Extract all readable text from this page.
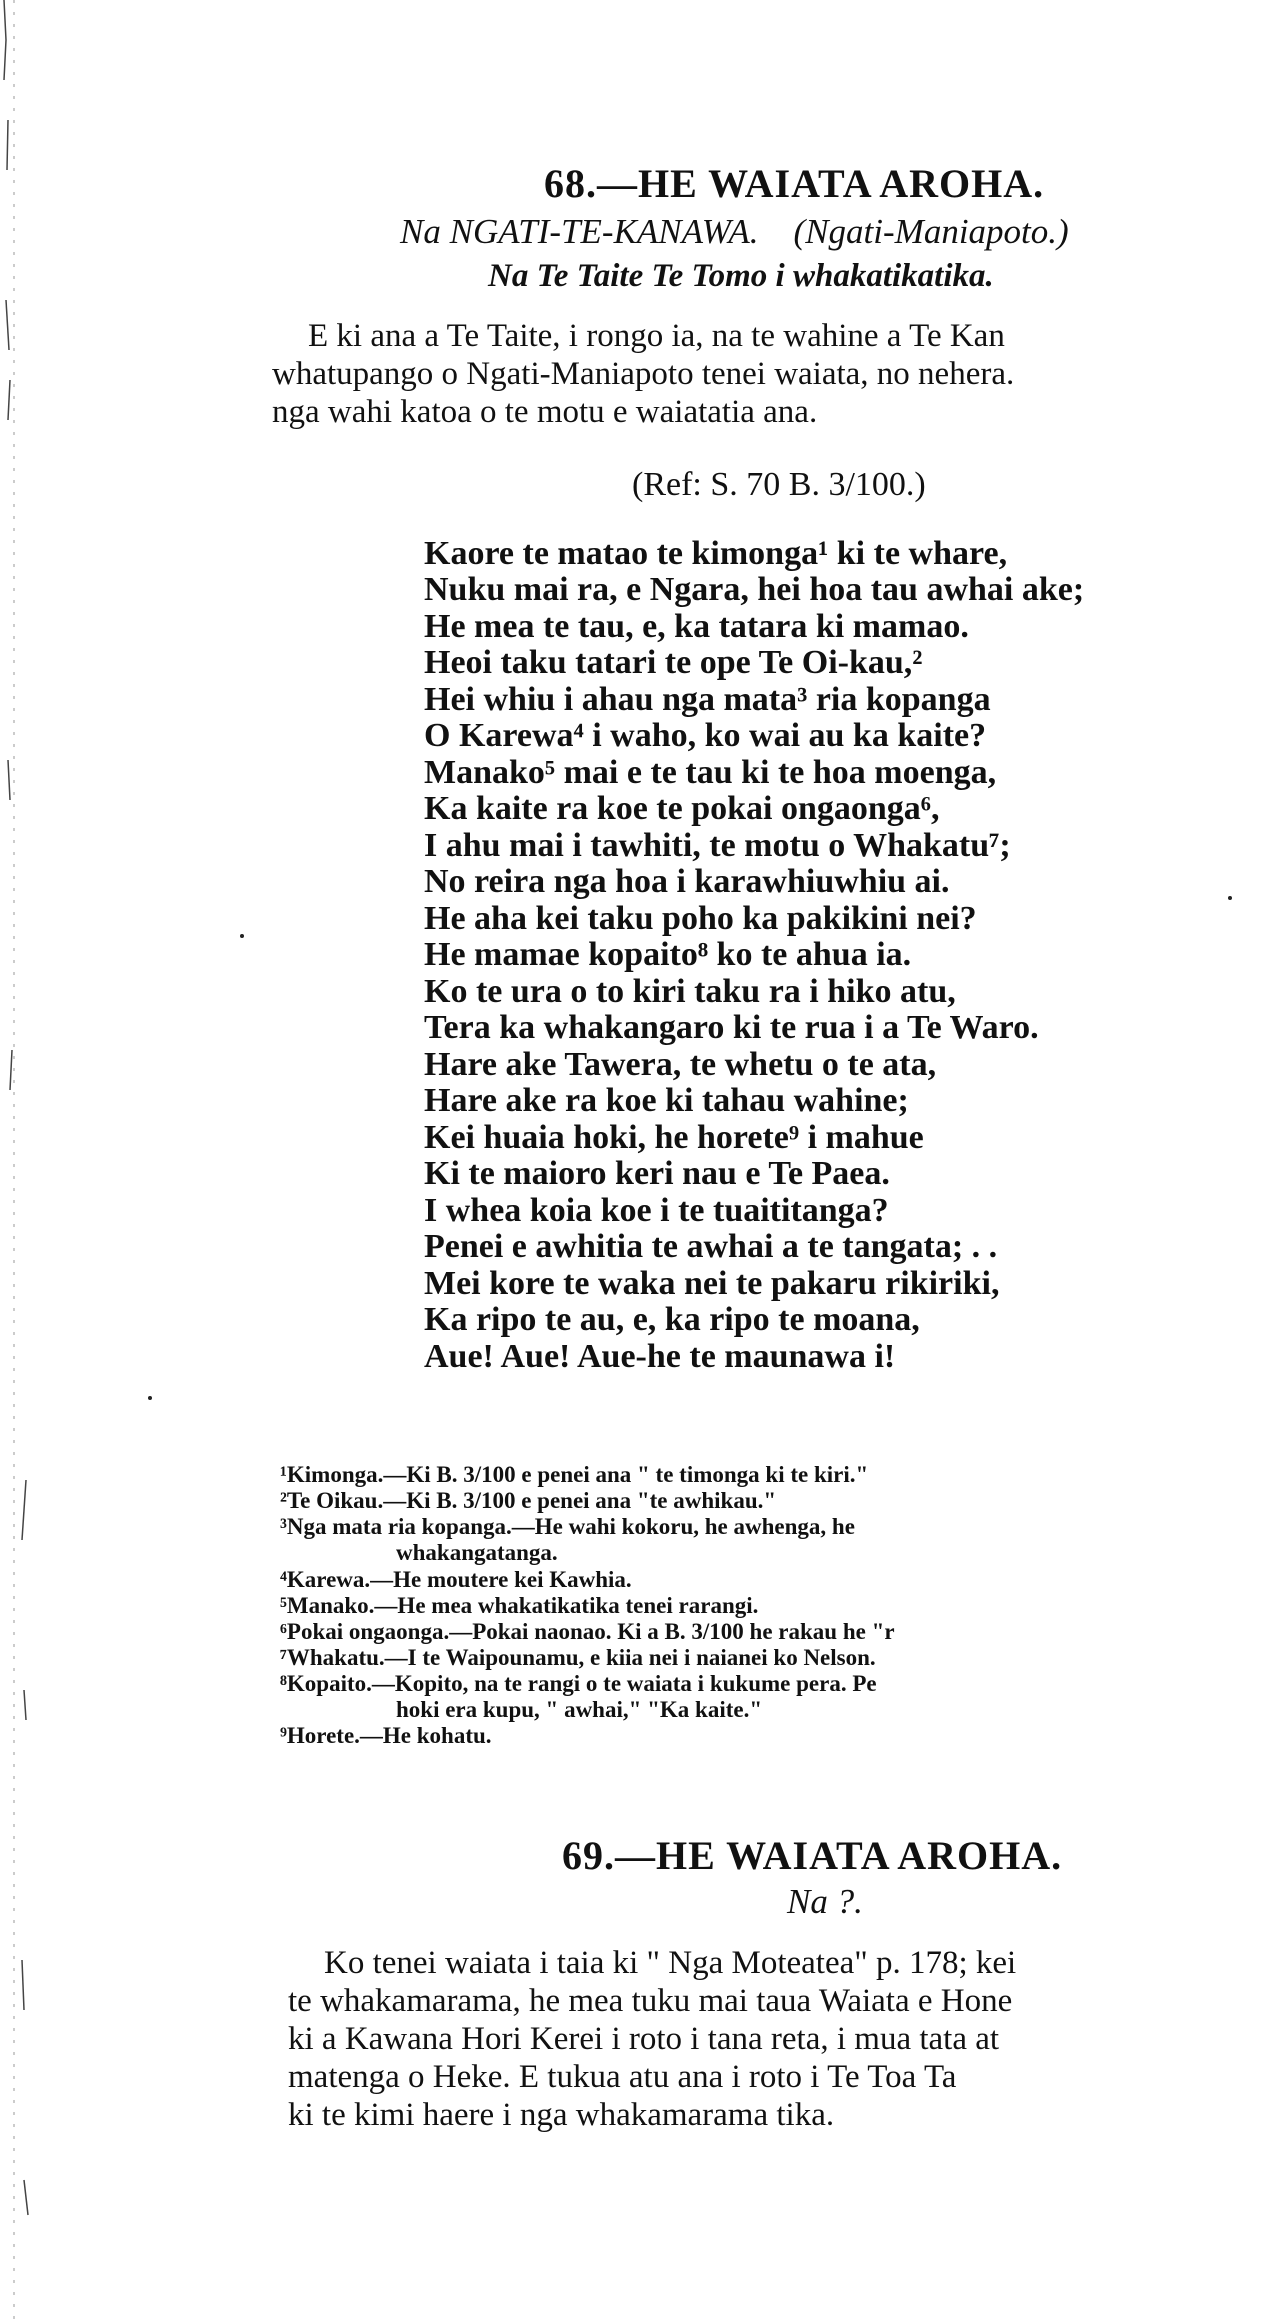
68.—HE WAIATA AROHA.
Na NGATI-TE-KANAWA.    (Ngati-Maniapoto.)
Na Te Taite Te Tomo i whakatikatika.
E ki ana a Te Taite, i rongo ia, na te wahine a Te Kan
whatupango o Ngati-Maniapoto tenei waiata, no nehera.
nga wahi katoa o te motu e waiatatia ana.
(Ref: S. 70 B. 3/100.)
Kaore te matao te kimonga¹ ki te whare,
Nuku mai ra, e Ngara, hei hoa tau awhai ake;
He mea te tau, e, ka tatara ki mamao.
Heoi taku tatari te ope Te Oi-kau,²
Hei whiu i ahau nga mata³ ria kopanga
O Karewa⁴ i waho, ko wai au ka kaite?
Manako⁵ mai e te tau ki te hoa moenga,
Ka kaite ra koe te pokai ongaonga⁶,
I ahu mai i tawhiti, te motu o Whakatu⁷;
No reira nga hoa i karawhiuwhiu ai.
He aha kei taku poho ka pakikini nei?
He mamae kopaito⁸ ko te ahua ia.
Ko te ura o to kiri taku ra i hiko atu,
Tera ka whakangaro ki te rua i a Te Waro.
Hare ake Tawera, te whetu o te ata,
Hare ake ra koe ki tahau wahine;
Kei huaia hoki, he horete⁹ i mahue
Ki te maioro keri nau e Te Paea.
I whea koia koe i te tuaititanga?
Penei e awhitia te awhai a te tangata; . .
Mei kore te waka nei te pakaru rikiriki,
Ka ripo te au, e, ka ripo te moana,
Aue! Aue! Aue-he te maunawa i!
¹Kimonga.—Ki B. 3/100 e penei ana " te timonga ki te kiri."
²Te Oikau.—Ki B. 3/100 e penei ana "te awhikau."
³Nga mata ria kopanga.—He wahi kokoru, he awhenga, he
whakangatanga.
⁴Karewa.—He moutere kei Kawhia.
⁵Manako.—He mea whakatikatika tenei rarangi.
⁶Pokai ongaonga.—Pokai naonao. Ki a B. 3/100 he rakau he "r
⁷Whakatu.—I te Waipounamu, e kiia nei i naianei ko Nelson.
⁸Kopaito.—Kopito, na te rangi o te waiata i kukume pera. Pe
hoki era kupu, " awhai," "Ka kaite."
⁹Horete.—He kohatu.
69.—HE WAIATA AROHA.
Na ?.
Ko tenei waiata i taia ki " Nga Moteatea" p. 178; kei
te whakamarama, he mea tuku mai taua Waiata e Hone
ki a Kawana Hori Kerei i roto i tana reta, i mua tata at
matenga o Heke. E tukua atu ana i roto i Te Toa Ta
ki te kimi haere i nga whakamarama tika.
